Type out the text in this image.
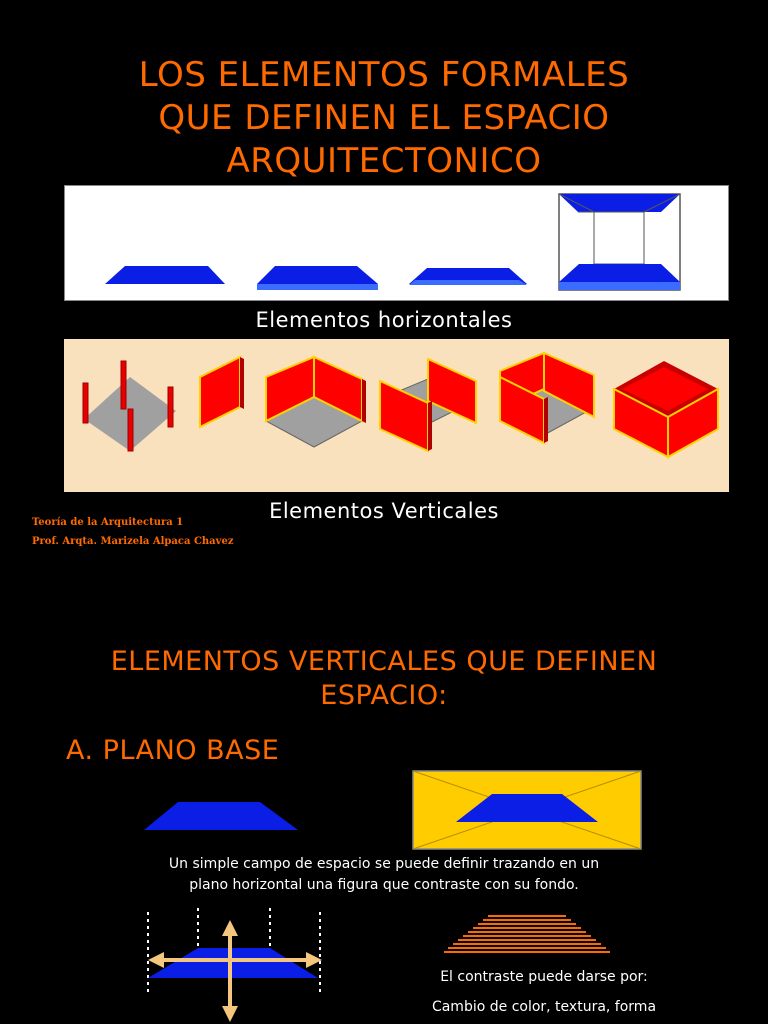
LOS ELEMENTOS FORMALES
QUE DEFINEN EL ESPACIO
ARQUITECTONICO
Elementos horizontales
Elementos Verticales
Teoría de la Arquitectura 1
Prof. Arqta. Marizela Alpaca Chavez
ELEMENTOS VERTICALES QUE DEFINEN
ESPACIO:
A. PLANO BASE
Un simple campo de espacio se puede definir trazando en un
plano horizontal una figura que contraste con su fondo.
El contraste puede darse por:
Cambio de color, textura, forma
